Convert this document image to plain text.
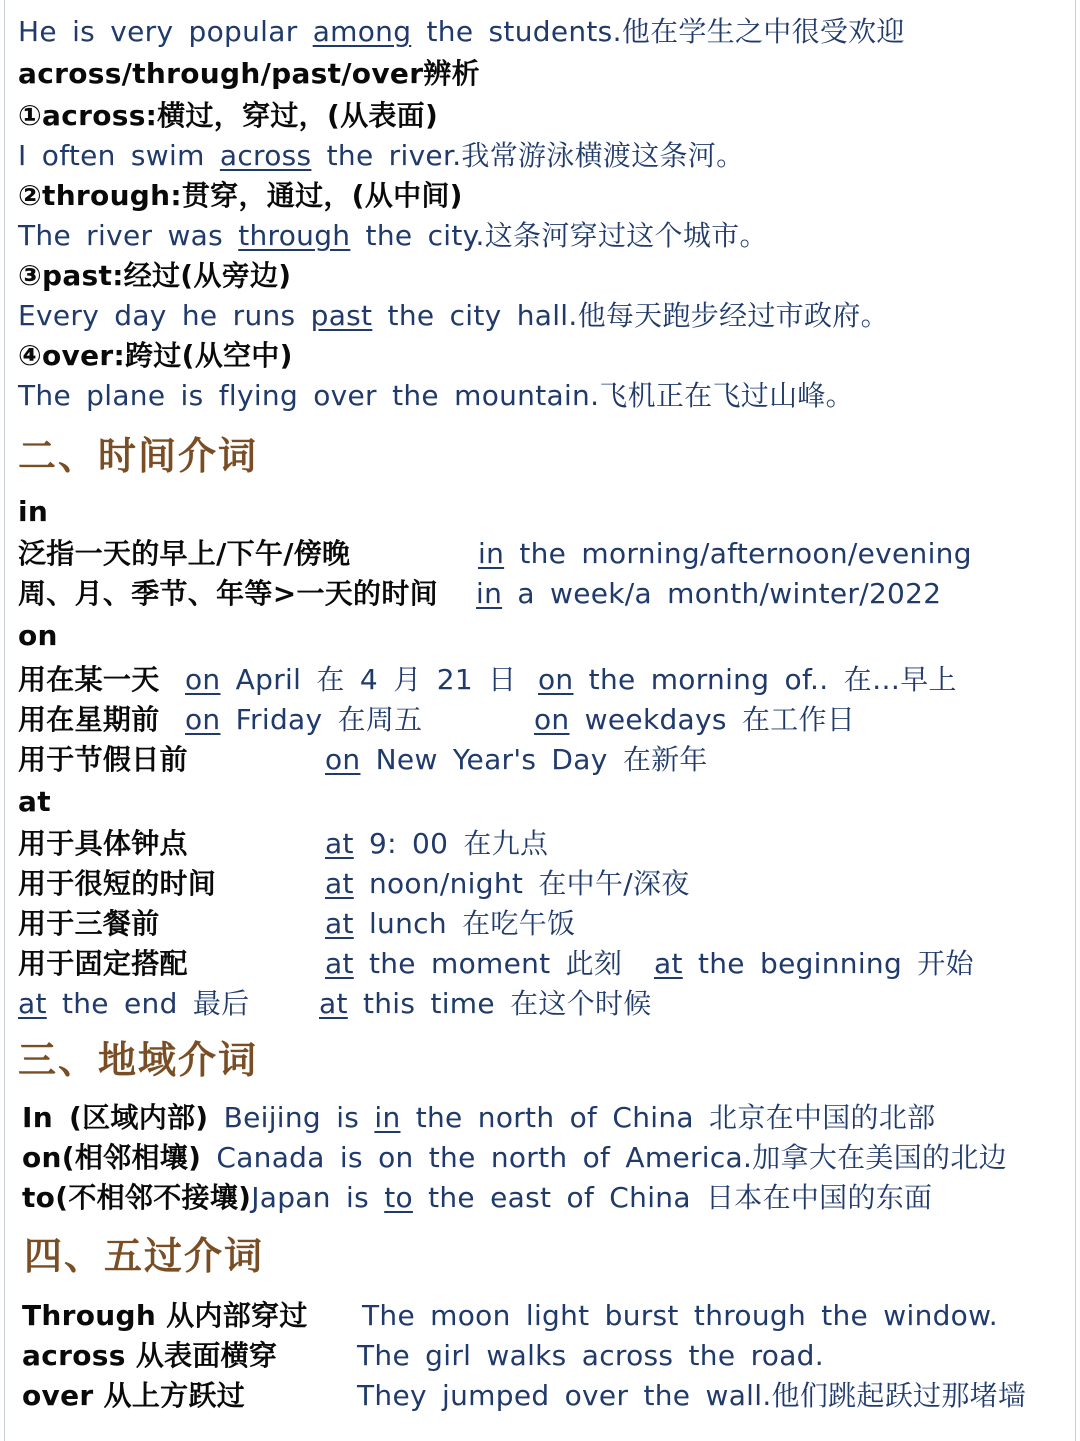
He is very popular among the students.他在学生之中很受欢迎
across/through/past/over辨析
①across:横过，穿过，(从表面)
I often swim across the river.我常游泳横渡这条河。
②through:贯穿，通过，(从中间)
The river was through the city.这条河穿过这个城市。
③past:经过(从旁边)
Every day he runs past the city hall.他每天跑步经过市政府。
④over:跨过(从空中)
The plane is flying over the mountain.飞机正在飞过山峰。
二、时间介词
in
泛指一天的早上/下午/傍晚	in the morning/afternoon/evening
周、月、季节、年等>一天的时间 in a week/a month/winter/2022
on
用在某一天 on April 在 4 月 21 日 on the morning of.. 在…早上
用在星期前 on Friday 在周五	on weekdays 在工作日
用于节假日前	on New Year's Day 在新年
at
用于具体钟点	at 9: 00 在九点
用于很短的时间	at noon/night 在中午/深夜
用于三餐前	at lunch 在吃午饭
用于固定搭配	at the moment 此刻 at the beginning 开始
at the end 最后 at this time 在这个时候
三、地域介词
In (区域内部) Beijing is in the north of China 北京在中国的北部
on(相邻相壤) Canada is on the north of America.加拿大在美国的北边
to(不相邻不接壤)Japan is to the east of China 日本在中国的东面
四、五过介词
Through 从内部穿过 The moon light burst through the window.
across 从表面横穿	The girl walks across the road.
over 从上方跃过	They jumped over the wall.他们跳起跃过那堵墙
